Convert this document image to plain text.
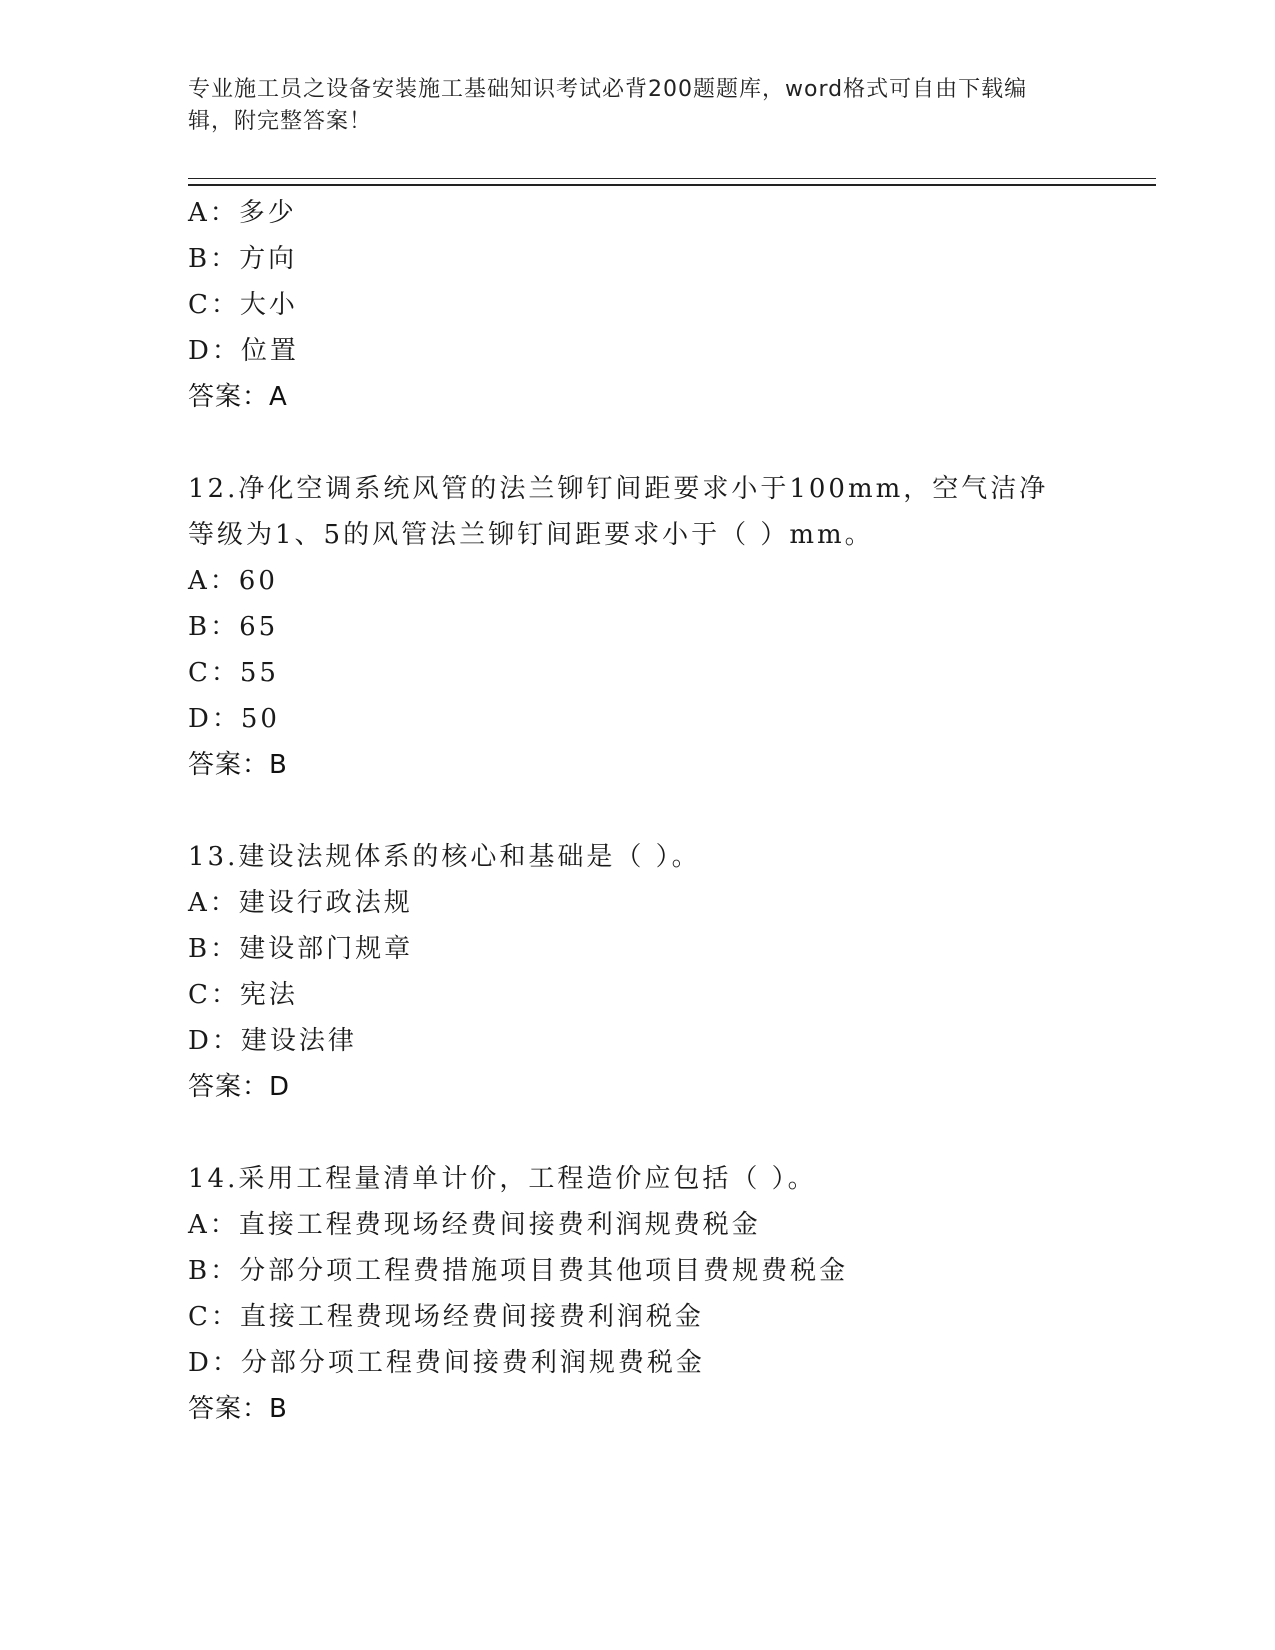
专业施工员之设备安装施工基础知识考试必背200题题库，word格式可自由下载编辑，附完整答案！
A：多少
B：方向
C：大小
D：位置
答案：A
12.净化空调系统风管的法兰铆钉间距要求小于100mm，空气洁净等级为1、5的风管法兰铆钉间距要求小于（ ）mm。
A：60
B：65
C：55
D：50
答案：B
13.建设法规体系的核心和基础是（ ）。
A：建设行政法规
B：建设部门规章
C：宪法
D：建设法律
答案：D
14.采用工程量清单计价，工程造价应包括（ ）。
A：直接工程费现场经费间接费利润规费税金
B：分部分项工程费措施项目费其他项目费规费税金
C：直接工程费现场经费间接费利润税金
D：分部分项工程费间接费利润规费税金
答案：B
